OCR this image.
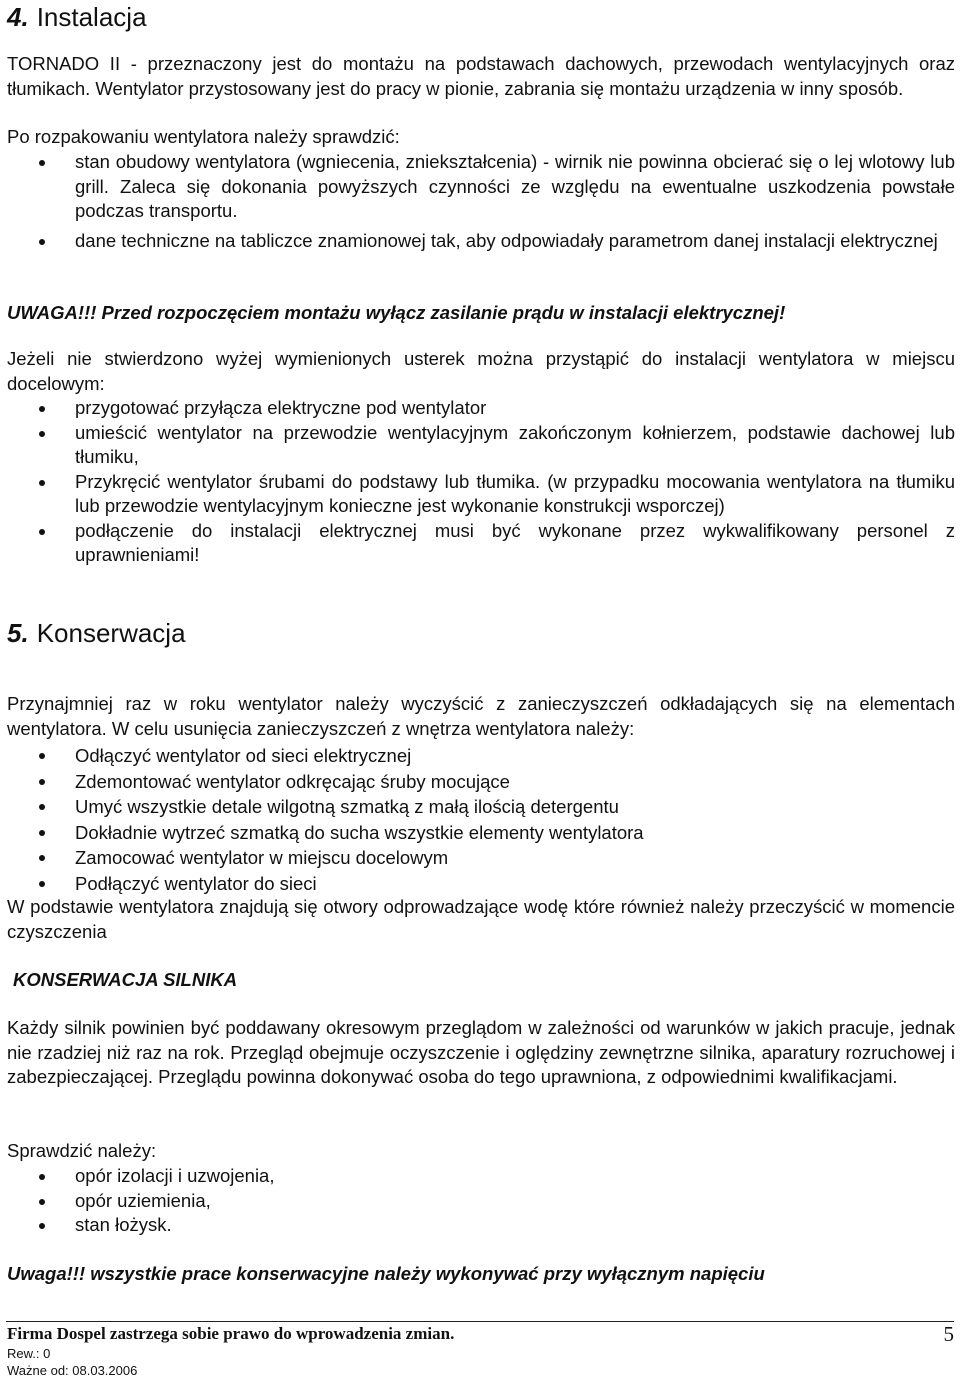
4. Instalacja

TORNADO II - przeznaczony jest do montażu na podstawach dachowych, przewodach wentylacyjnych oraz tłumikach. Wentylator przystosowany jest do pracy w pionie, zabrania się montażu urządzenia w inny sposób.

Po rozpakowaniu wentylatora należy sprawdzić:

stan obudowy wentylatora (wgniecenia, zniekształcenia) - wirnik nie powinna obcierać się o lej wlotowy lub grill. Zaleca się dokonania powyższych czynności ze względu na ewentualne uszkodzenia powstałe podczas transportu.
dane techniczne na tabliczce znamionowej tak, aby odpowiadały parametrom danej instalacji elektrycznej

UWAGA!!! Przed rozpoczęciem montażu wyłącz zasilanie prądu w instalacji elektrycznej!

Jeżeli nie stwierdzono wyżej wymienionych usterek można przystąpić do instalacji wentylatora w miejscu docelowym:

przygotować przyłącza elektryczne pod wentylator
umieścić wentylator na przewodzie wentylacyjnym zakończonym kołnierzem, podstawie dachowej lub tłumiku,
Przykręcić wentylator śrubami do podstawy lub tłumika. (w przypadku mocowania wentylatora na tłumiku lub przewodzie wentylacyjnym konieczne jest wykonanie konstrukcji wsporczej)
podłączenie do instalacji elektrycznej musi być wykonane przez wykwalifikowany personel z uprawnieniami!
5. Konserwacja

Przynajmniej raz w roku wentylator należy wyczyścić z zanieczyszczeń odkładających się na elementach wentylatora. W celu usunięcia zanieczyszczeń z wnętrza wentylatora należy:

Odłączyć wentylator od sieci elektrycznej
Zdemontować wentylator odkręcając śruby mocujące
Umyć wszystkie detale wilgotną szmatką z małą ilością detergentu
Dokładnie wytrzeć szmatką do sucha wszystkie elementy wentylatora
Zamocować wentylator w miejscu docelowym
Podłączyć wentylator do sieci

W podstawie wentylatora znajdują się otwory odprowadzające wodę które również należy przeczyścić w momencie czyszczenia

KONSERWACJA SILNIKA

Każdy silnik powinien być poddawany okresowym przeglądom w zależności od warunków w jakich pracuje, jednak nie rzadziej niż raz na rok. Przegląd obejmuje oczyszczenie i oględziny zewnętrzne silnika, aparatury rozruchowej i zabezpieczającej. Przeglądu powinna dokonywać osoba do tego uprawniona, z odpowiednimi kwalifikacjami.

Sprawdzić należy:

opór izolacji i uzwojenia,
opór uziemienia,
stan łożysk.

Uwaga!!! wszystkie prace konserwacyjne należy wykonywać przy wyłącznym napięciu

Firma Dospel zastrzega sobie prawo do wprowadzenia zmian.	5
Rew.: 0
Ważne od: 08.03.2006
